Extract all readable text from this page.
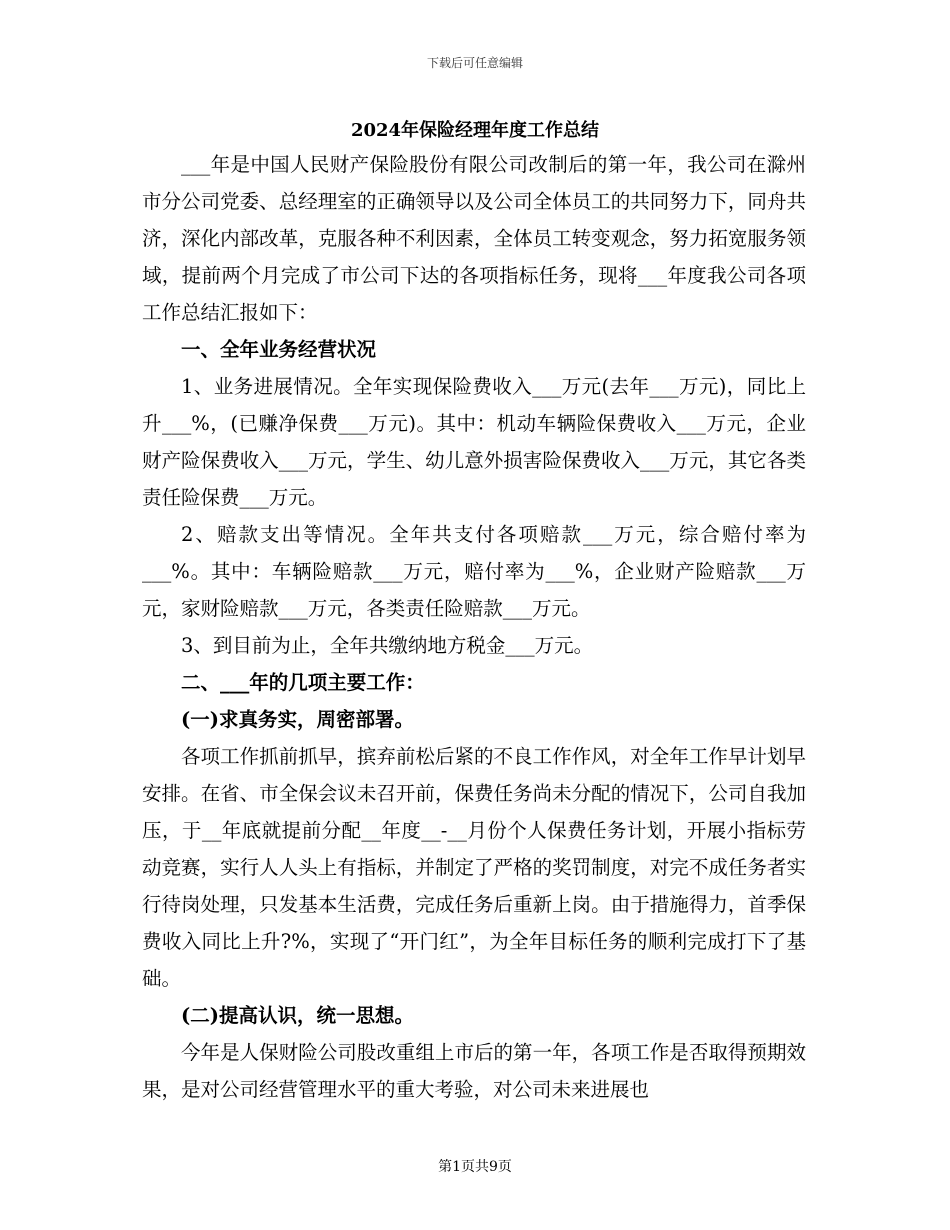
下载后可任意编辑
2024年保险经理年度工作总结

___年是中国人民财产保险股份有限公司改制后的第一年，我公司在滁州市分公司党委、总经理室的正确领导以及公司全体员工的共同努力下，同舟共济，深化内部改革，克服各种不利因素，全体员工转变观念，努力拓宽服务领域，提前两个月完成了市公司下达的各项指标任务，现将___年度我公司各项工作总结汇报如下：

一、全年业务经营状况

1、业务进展情况。全年实现保险费收入___万元(去年___万元)，同比上升___%，(已赚净保费___万元)。其中：机动车辆险保费收入___万元，企业财产险保费收入___万元，学生、幼儿意外损害险保费收入___万元，其它各类责任险保费___万元。

2、赔款支出等情况。全年共支付各项赔款___万元，综合赔付率为___%。其中：车辆险赔款___万元，赔付率为___%，企业财产险赔款___万元，家财险赔款___万元，各类责任险赔款___万元。

3、到目前为止，全年共缴纳地方税金___万元。

二、___年的几项主要工作：

(一)求真务实，周密部署。

各项工作抓前抓早，摈弃前松后紧的不良工作作风，对全年工作早计划早安排。在省、市全保会议未召开前，保费任务尚未分配的情况下，公司自我加压，于__年底就提前分配__年度__-__月份个人保费任务计划，开展小指标劳动竞赛，实行人人头上有指标，并制定了严格的奖罚制度，对完不成任务者实行待岗处理，只发基本生活费，完成任务后重新上岗。由于措施得力，首季保费收入同比上升?%，实现了“开门红”，为全年目标任务的顺利完成打下了基础。

(二)提高认识，统一思想。

今年是人保财险公司股改重组上市后的第一年，各项工作是否取得预期效果，是对公司经营管理水平的重大考验，对公司未来进展也

第1页共9页
